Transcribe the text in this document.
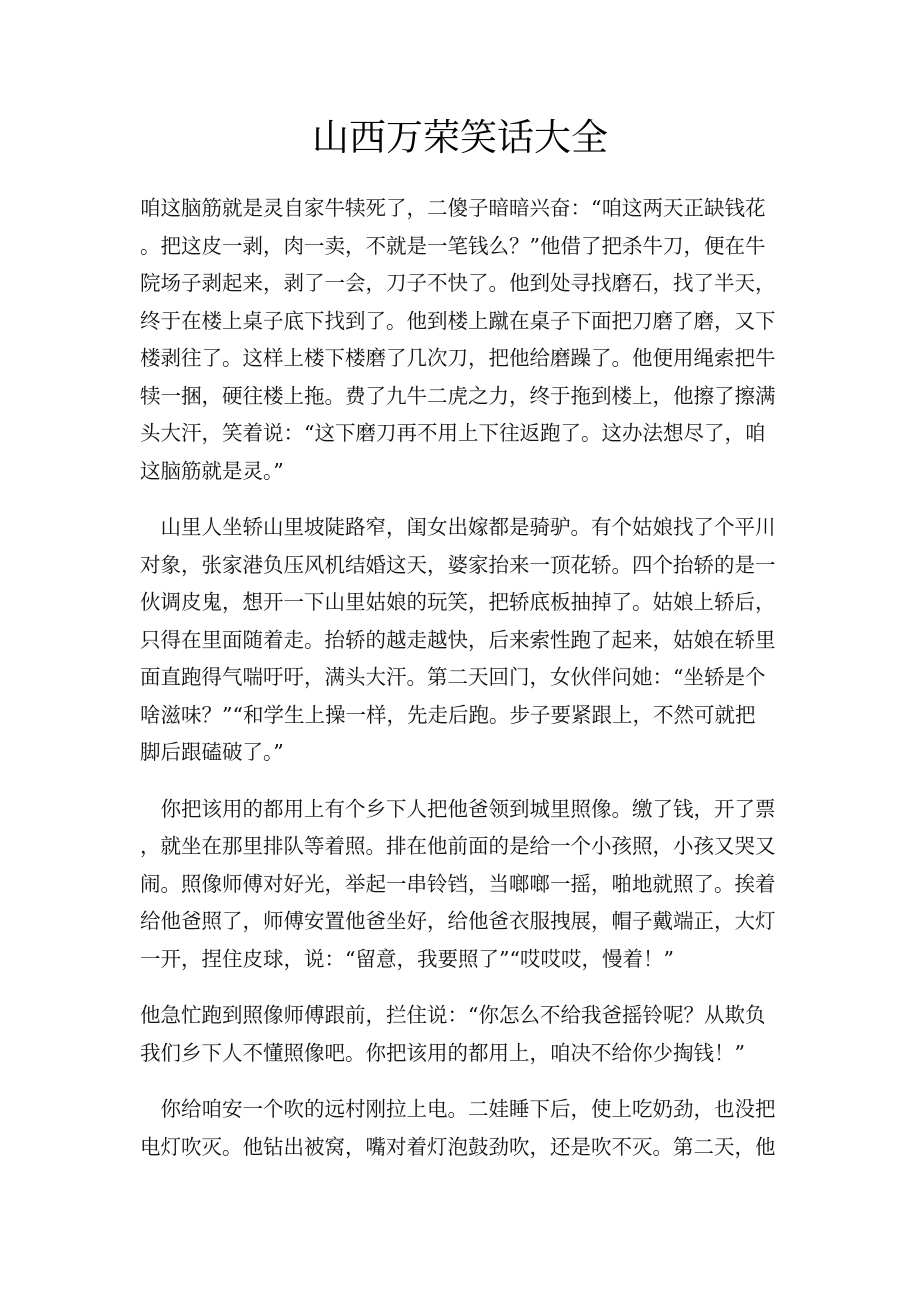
山西万荣笑话大全
咱这脑筋就是灵自家牛犊死了，二傻子暗暗兴奋：“咱这两天正缺钱花
。把这皮一剥，肉一卖，不就是一笔钱么？”他借了把杀牛刀，便在牛
院场子剥起来，剥了一会，刀子不快了。他到处寻找磨石，找了半天，
终于在楼上桌子底下找到了。他到楼上蹴在桌子下面把刀磨了磨，又下
楼剥往了。这样上楼下楼磨了几次刀，把他给磨躁了。他便用绳索把牛
犊一捆，硬往楼上拖。费了九牛二虎之力，终于拖到楼上，他擦了擦满
头大汗，笑着说：“这下磨刀再不用上下往返跑了。这办法想尽了，咱
这脑筋就是灵。”
　山里人坐轿山里坡陡路窄，闺女出嫁都是骑驴。有个姑娘找了个平川
对象，张家港负压风机结婚这天，婆家抬来一顶花轿。四个抬轿的是一
伙调皮鬼，想开一下山里姑娘的玩笑，把轿底板抽掉了。姑娘上轿后，
只得在里面随着走。抬轿的越走越快，后来索性跑了起来，姑娘在轿里
面直跑得气喘吁吁，满头大汗。第二天回门，女伙伴问她：“坐轿是个
啥滋味？”“和学生上操一样，先走后跑。步子要紧跟上，不然可就把
脚后跟磕破了。”
　你把该用的都用上有个乡下人把他爸领到城里照像。缴了钱，开了票
，就坐在那里排队等着照。排在他前面的是给一个小孩照，小孩又哭又
闹。照像师傅对好光，举起一串铃铛，当啷啷一摇，啪地就照了。挨着
给他爸照了，师傅安置他爸坐好，给他爸衣服拽展，帽子戴端正，大灯
一开，捏住皮球，说：“留意，我要照了”“哎哎哎，慢着！”
他急忙跑到照像师傅跟前，拦住说：“你怎么不给我爸摇铃呢？从欺负
我们乡下人不懂照像吧。你把该用的都用上，咱决不给你少掏钱！”
　你给咱安一个吹的远村刚拉上电。二娃睡下后，使上吃奶劲，也没把
电灯吹灭。他钻出被窝，嘴对着灯泡鼓劲吹，还是吹不灭。第二天，他
